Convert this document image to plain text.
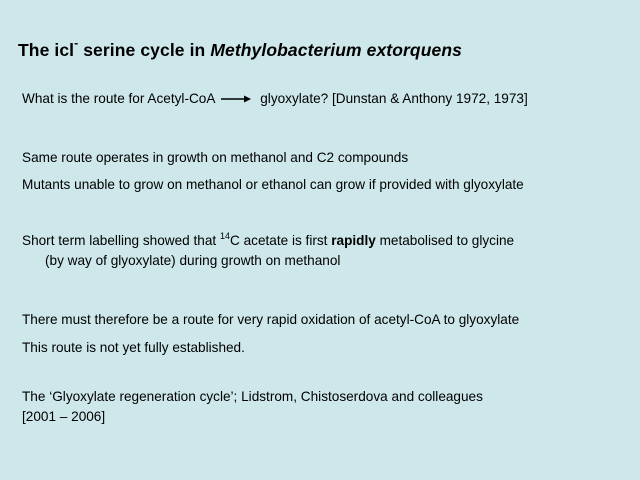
The icl- serine cycle in Methylobacterium extorquens
What is the route for Acetyl-CoA	glyoxylate? [Dunstan & Anthony 1972, 1973]
Same route operates in growth on methanol and C2 compounds
Mutants unable to grow on methanol or ethanol can grow if provided with glyoxylate
Short term labelling showed that $^{14}$C acetate is first rapidly metabolised to glycine
(by way of glyoxylate) during growth on methanol
There must therefore be a route for very rapid oxidation of acetyl-CoA to glyoxylate
This route is not yet fully established.
The ‘Glyoxylate regeneration cycle’; Lidstrom, Chistoserdova and colleagues
[2001 – 2006]
